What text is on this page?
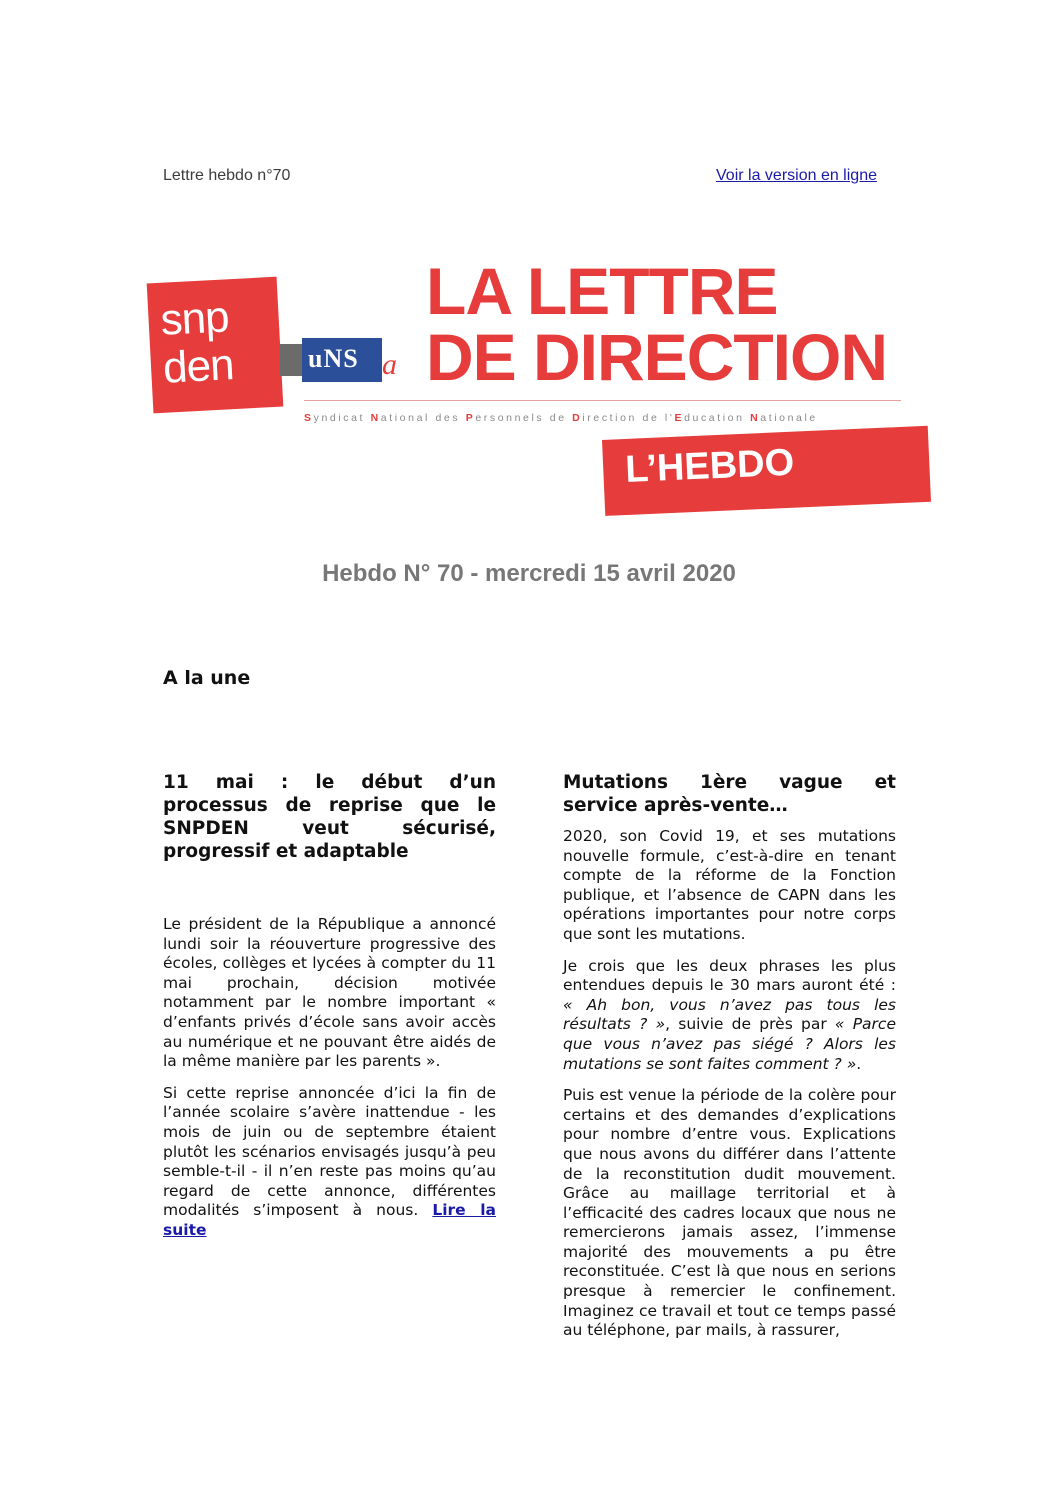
Lettre hebdo n°70	Voir la version en ligne
snp
den	uNS a
LA LETTRE
DE DIRECTION
Syndicat National des Personnels de Direction de l'Education Nationale
L’HEBDO
Hebdo N° 70 - mercredi 15 avril 2020
A la une
11 mai : le début d’un processus de reprise que le SNPDEN veut sécurisé, progressif et adaptable

Le président de la République a annoncé lundi soir la réouverture progressive des écoles, collèges et lycées à compter du 11 mai prochain, décision motivée notamment par le nombre important « d’enfants privés d’école sans avoir accès au numérique et ne pouvant être aidés de la même manière par les parents ».

Si cette reprise annoncée d’ici la fin de l’année scolaire s’avère inattendue - les mois de juin ou de septembre étaient plutôt les scénarios envisagés jusqu’à peu semble-t-il - il n’en reste pas moins qu’au regard de cette annonce, différentes modalités s’imposent à nous. Lire la suite

Mutations 1ère vague et service après-vente…

2020, son Covid 19, et ses mutations nouvelle formule, c’est-à-dire en tenant compte de la réforme de la Fonction publique, et l’absence de CAPN dans les opérations importantes pour notre corps que sont les mutations.

Je crois que les deux phrases les plus entendues depuis le 30 mars auront été : « Ah bon, vous n’avez pas tous les résultats ? », suivie de près par « Parce que vous n’avez pas siégé ? Alors les mutations se sont faites comment ? ».

Puis est venue la période de la colère pour certains et des demandes d’explications pour nombre d’entre vous. Explications que nous avons du différer dans l’attente de la reconstitution dudit mouvement. Grâce au maillage territorial et à l’efficacité des cadres locaux que nous ne remercierons jamais assez, l’immense majorité des mouvements a pu être reconstituée. C’est là que nous en serions presque à remercier le confinement. Imaginez ce travail et tout ce temps passé au téléphone, par mails, à rassurer,
